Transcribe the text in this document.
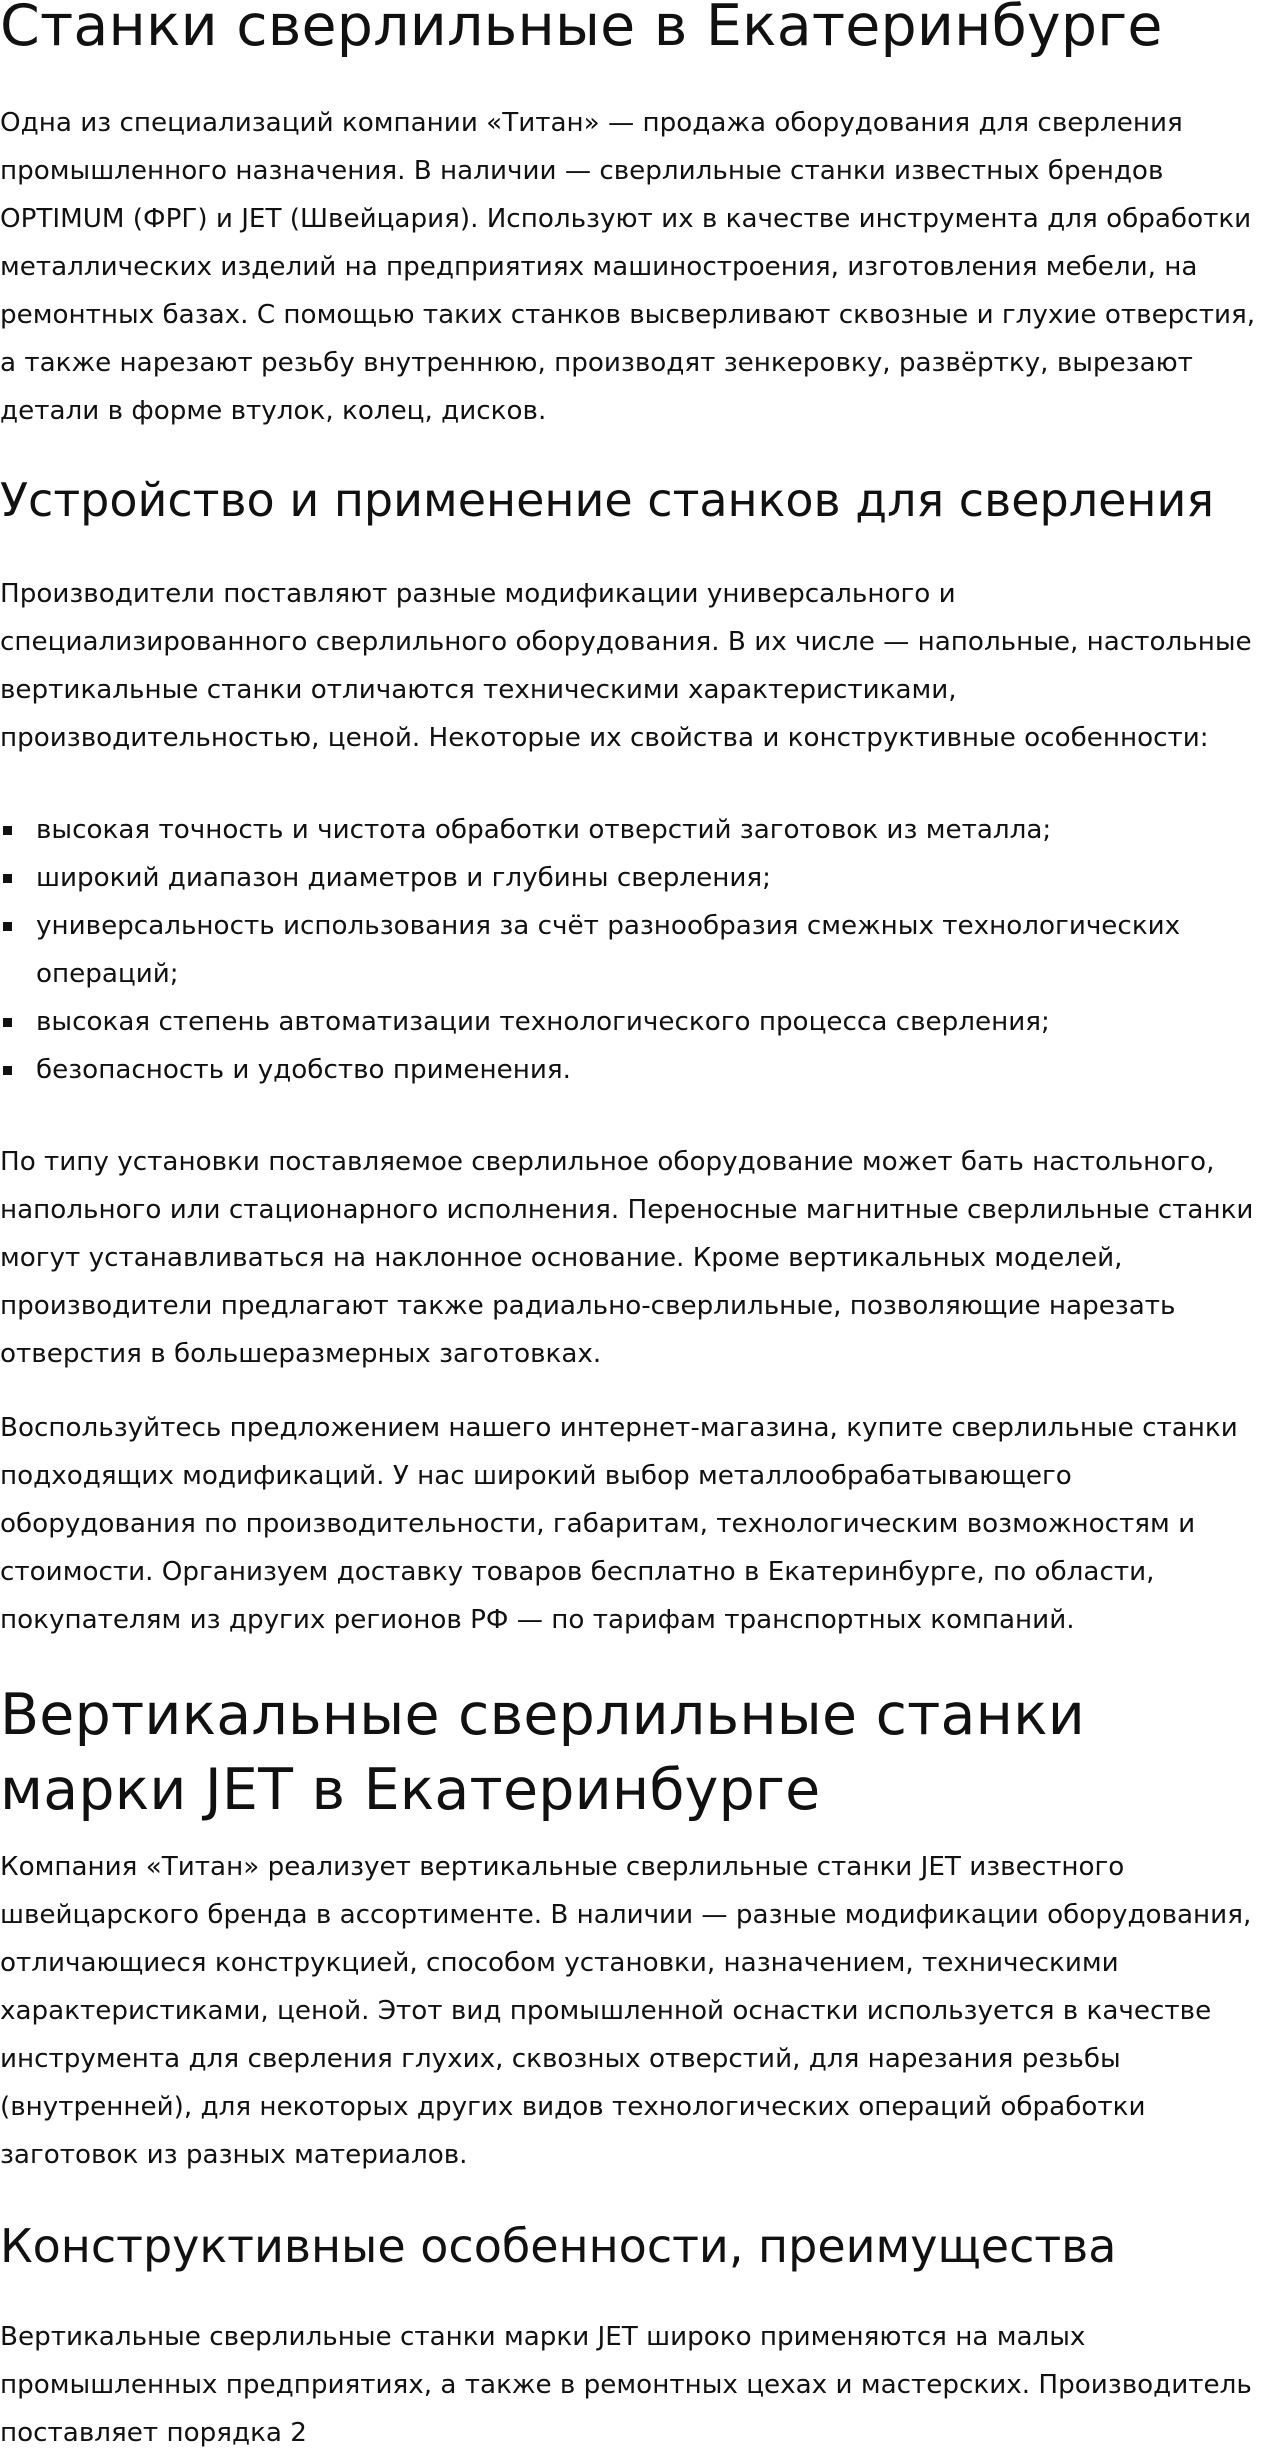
Станки сверлильные в Екатеринбурге

Одна из специализаций компании «Титан» — продажа оборудования для сверления промышленного назначения. В наличии — сверлильные станки известных брендов OPTIMUM (ФРГ) и JET (Швейцария). Используют их в качестве инструмента для обработки металлических изделий на предприятиях машиностроения, изготовления мебели, на ремонтных базах. С помощью таких станков высверливают сквозные и глухие отверстия, а также нарезают резьбу внутреннюю, производят зенкеровку, развёртку, вырезают детали в форме втулок, колец, дисков.

Устройство и применение станков для сверления

Производители поставляют разные модификации универсального и специализированного сверлильного оборудования. В их числе — напольные, настольные вертикальные станки отличаются техническими характеристиками, производительностью, ценой. Некоторые их свойства и конструктивные особенности:

высокая точность и чистота обработки отверстий заготовок из металла;
широкий диапазон диаметров и глубины сверления;
универсальность использования за счёт разнообразия смежных технологических операций;
высокая степень автоматизации технологического процесса сверления;
безопасность и удобство применения.

По типу установки поставляемое сверлильное оборудование может бать настольного, напольного или стационарного исполнения. Переносные магнитные сверлильные станки могут устанавливаться на наклонное основание. Кроме вертикальных моделей, производители предлагают также радиально-сверлильные, позволяющие нарезать отверстия в большеразмерных заготовках.

Воспользуйтесь предложением нашего интернет-магазина, купите сверлильные станки подходящих модификаций. У нас широкий выбор металлообрабатывающего оборудования по производительности, габаритам, технологическим возможностям и стоимости. Организуем доставку товаров бесплатно в Екатеринбурге, по области, покупателям из других регионов РФ — по тарифам транспортных компаний.

Вертикальные сверлильные станки марки JET в Екатеринбурге

Компания «Титан» реализует вертикальные сверлильные станки JET известного швейцарского бренда в ассортименте. В наличии — разные модификации оборудования, отличающиеся конструкцией, способом установки, назначением, техническими характеристиками, ценой. Этот вид промышленной оснастки используется в качестве инструмента для сверления глухих, сквозных отверстий, для нарезания резьбы (внутренней), для некоторых других видов технологических операций обработки заготовок из разных материалов.

Конструктивные особенности, преимущества

Вертикальные сверлильные станки марки JET широко применяются на малых промышленных предприятиях, а также в ремонтных цехах и мастерских. Производитель поставляет порядка 2
